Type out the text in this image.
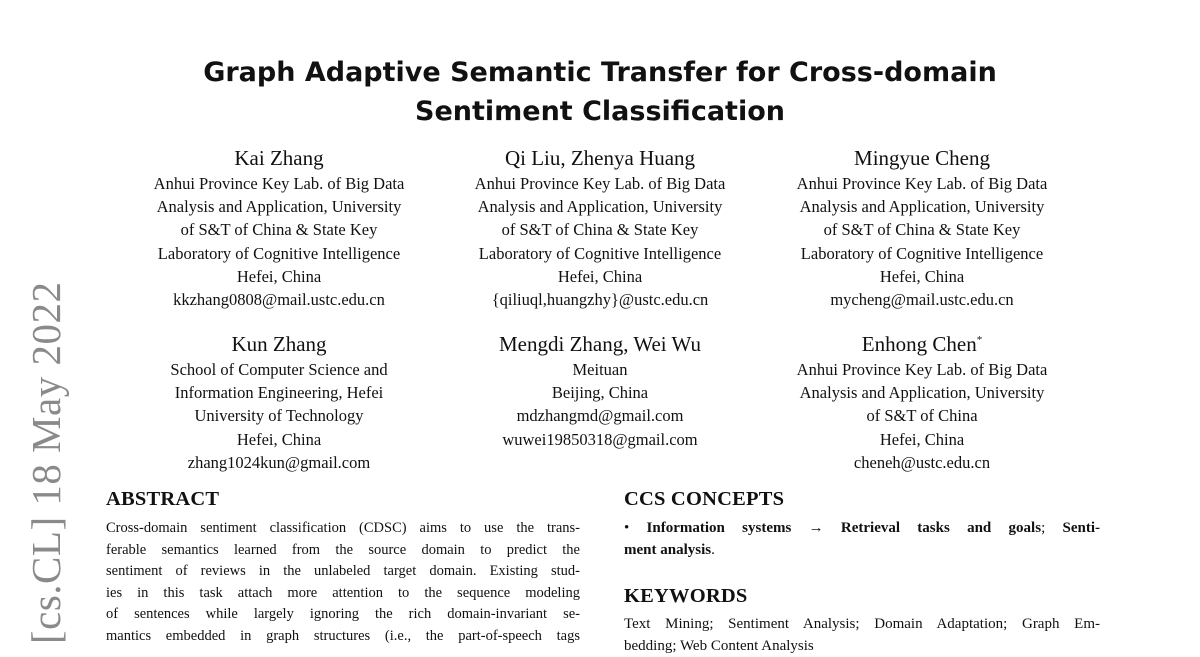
[cs.CL] 18 May 2022
Graph Adaptive Semantic Transfer for Cross-domain
Sentiment Classification
Kai Zhang
Anhui Province Key Lab. of Big Data
Analysis and Application, University
of S&T of China & State Key
Laboratory of Cognitive Intelligence
Hefei, China
kkzhang0808@mail.ustc.edu.cn
Qi Liu, Zhenya Huang
Anhui Province Key Lab. of Big Data
Analysis and Application, University
of S&T of China & State Key
Laboratory of Cognitive Intelligence
Hefei, China
{qiliuql,huangzhy}@ustc.edu.cn
Mingyue Cheng
Anhui Province Key Lab. of Big Data
Analysis and Application, University
of S&T of China & State Key
Laboratory of Cognitive Intelligence
Hefei, China
mycheng@mail.ustc.edu.cn
Kun Zhang
School of Computer Science and
Information Engineering, Hefei
University of Technology
Hefei, China
zhang1024kun@gmail.com
Mengdi Zhang, Wei Wu
Meituan
Beijing, China
mdzhangmd@gmail.com
wuwei19850318@gmail.com
Enhong Chen*
Anhui Province Key Lab. of Big Data
Analysis and Application, University
of S&T of China
Hefei, China
cheneh@ustc.edu.cn
ABSTRACT
Cross-domain sentiment classification (CDSC) aims to use the trans-
ferable semantics learned from the source domain to predict the
sentiment of reviews in the unlabeled target domain. Existing stud-
ies in this task attach more attention to the sequence modeling
of sentences while largely ignoring the rich domain-invariant se-
mantics embedded in graph structures (i.e., the part-of-speech tags
CCS CONCEPTS
• Information systems → Retrieval tasks and goals; Senti-
ment analysis.
KEYWORDS
Text Mining; Sentiment Analysis; Domain Adaptation; Graph Em-
bedding; Web Content Analysis
